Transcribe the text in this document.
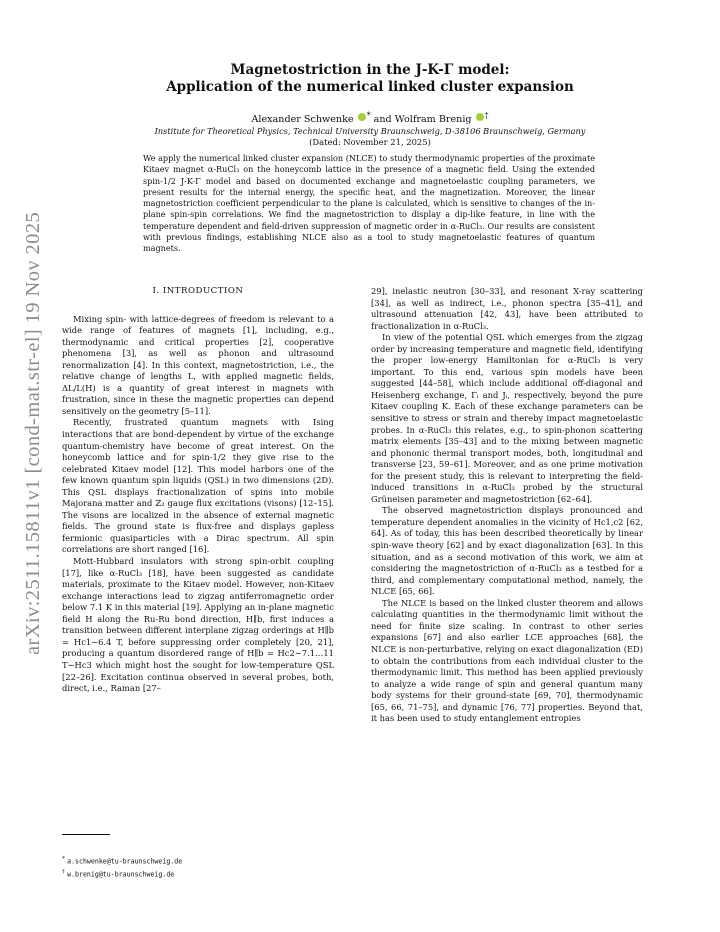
arXiv:2511.15811v1 [cond-mat.str-el] 19 Nov 2025
Magnetostriction in the J-K-Γ model:
Application of the numerical linked cluster expansion
Alexander Schwenke * and Wolfram Brenig †
Institute for Theoretical Physics, Technical University Braunschweig, D-38106 Braunschweig, Germany
(Dated: November 21, 2025)
We apply the numerical linked cluster expansion (NLCE) to study thermodynamic properties of the proximate Kitaev magnet α-RuCl₃ on the honeycomb lattice in the presence of a magnetic field. Using the extended spin-1/2 J-K-Γ model and based on documented exchange and magnetoelastic coupling parameters, we present results for the internal energy, the specific heat, and the magnetization. Moreover, the linear magnetostriction coefficient perpendicular to the plane is calculated, which is sensitive to changes of the in-plane spin-spin correlations. We find the magnetostriction to display a dip-like feature, in line with the temperature dependent and field-driven suppression of magnetic order in α-RuCl₃. Our results are consistent with previous findings, establishing NLCE also as a tool to study magnetoelastic features of quantum magnets.
I. INTRODUCTION

Mixing spin- with lattice-degrees of freedom is relevant to a wide range of features of magnets [1], including, e.g., thermodynamic and critical properties [2], cooperative phenomena [3], as well as phonon and ultrasound renormalization [4]. In this context, magnetostriction, i.e., the relative change of lengths L, with applied magnetic fields, ΔL/L(H) is a quantity of great interest in magnets with frustration, since in these the magnetic properties can depend sensitively on the geometry [5–11].

Recently, frustrated quantum magnets with Ising interactions that are bond-dependent by virtue of the exchange quantum-chemistry have become of great interest. On the honeycomb lattice and for spin-1/2 they give rise to the celebrated Kitaev model [12]. This model harbors one of the few known quantum spin liquids (QSL) in two dimensions (2D). This QSL displays fractionalization of spins into mobile Majorana matter and ℤ₂ gauge flux excitations (visons) [12–15]. The visons are localized in the absence of external magnetic fields. The ground state is flux-free and displays gapless fermionic quasiparticles with a Dirac spectrum. All spin correlations are short ranged [16].

Mott-Hubbard insulators with strong spin-orbit coupling [17], like α-RuCl₃ [18], have been suggested as candidate materials, proximate to the Kitaev model. However, non-Kitaev exchange interactions lead to zigzag antiferromagnetic order below 7.1 K in this material [19]. Applying an in-plane magnetic field H along the Ru-Ru bond direction, H∥b, first induces a transition between different interplane zigzag orderings at H∥b = Hc1∼6.4 T, before suppressing order completely [20, 21], producing a quantum disordered range of H∥b = Hc2∼7.1…11 T∼Hc3 which might host the sought for low-temperature QSL [22–26]. Excitation continua observed in several probes, both, direct, i.e., Raman [27–

29], inelastic neutron [30–33], and resonant X-ray scattering [34], as well as indirect, i.e., phonon spectra [35–41], and ultrasound attenuation [42, 43], have been attributed to fractionalization in α-RuCl₃.

In view of the potential QSL which emerges from the zigzag order by increasing temperature and magnetic field, identifying the proper low-energy Hamiltonian for α-RuCl₃ is very important. To this end, various spin models have been suggested [44–58], which include additional off-diagonal and Heisenberg exchange, Γᵢ and Jᵢ, respectively, beyond the pure Kitaev coupling K. Each of these exchange parameters can be sensitive to stress or strain and thereby impact magnetoelastic probes. In α-RuCl₃ this relates, e.g., to spin-phonon scattering matrix elements [35–43] and to the mixing between magnetic and phononic thermal transport modes, both, longitudinal and transverse [23, 59–61]. Moreover, and as one prime motivation for the present study, this is relevant to interpreting the field-induced transitions in α-RuCl₃ probed by the structural Grüneisen parameter and magnetostriction [62–64].

The observed magnetostriction displays pronounced and temperature dependent anomalies in the vicinity of Hc1,c2 [62, 64]. As of today, this has been described theoretically by linear spin-wave theory [62] and by exact diagonalization [63]. In this situation, and as a second motivation of this work, we aim at considering the magnetostriction of α-RuCl₃ as a testbed for a third, and complementary computational method, namely, the NLCE [65, 66].

The NLCE is based on the linked cluster theorem and allows calculating quantities in the thermodynamic limit without the need for finite size scaling. In contrast to other series expansions [67] and also earlier LCE approaches [68], the NLCE is non-perturbative, relying on exact diagonalization (ED) to obtain the contributions from each individual cluster to the thermodynamic limit. This method has been applied previously to analyze a wide range of spin and general quantum many body systems for their ground-state [69, 70], thermodynamic [65, 66, 71–75], and dynamic [76, 77] properties. Beyond that, it has been used to study entanglement entropies

* a.schwenke@tu-braunschweig.de
† w.brenig@tu-braunschweig.de
